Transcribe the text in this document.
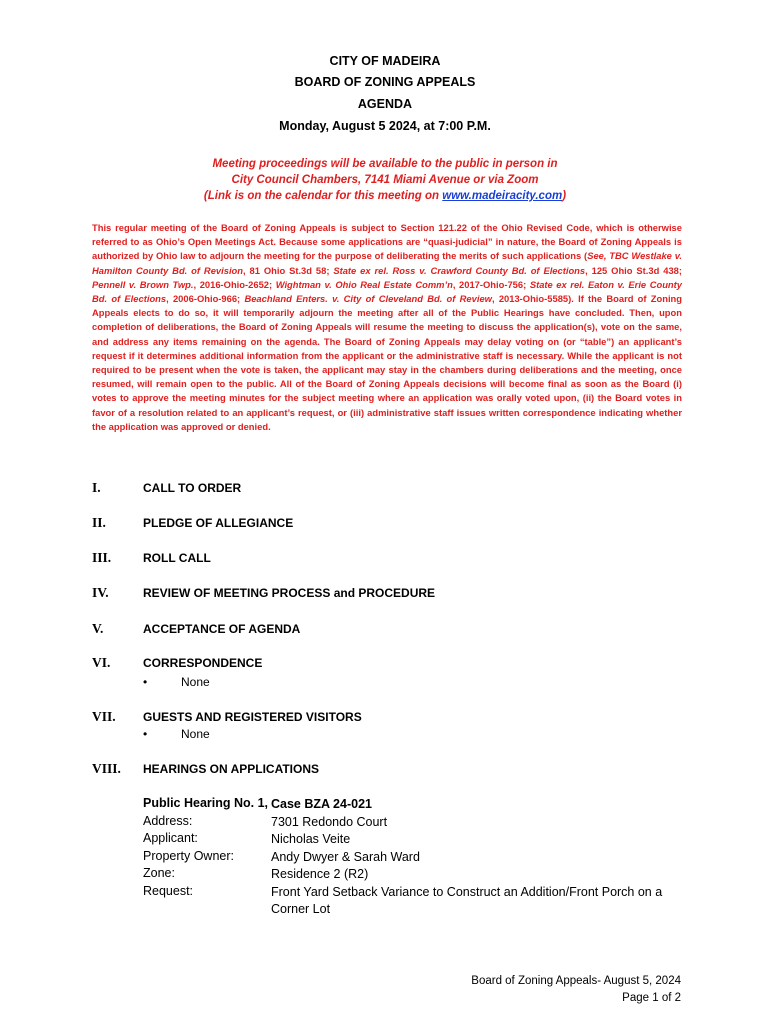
CITY OF MADEIRA
BOARD OF ZONING APPEALS
AGENDA
Monday, August 5 2024, at 7:00 P.M.
Meeting proceedings will be available to the public in person in
City Council Chambers, 7141 Miami Avenue or via Zoom
(Link is on the calendar for this meeting on www.madeiracity.com)
This regular meeting of the Board of Zoning Appeals is subject to Section 121.22 of the Ohio Revised Code, which is otherwise referred to as Ohio’s Open Meetings Act. Because some applications are “quasi-judicial” in nature, the Board of Zoning Appeals is authorized by Ohio law to adjourn the meeting for the purpose of deliberating the merits of such applications (See, TBC Westlake v. Hamilton County Bd. of Revision, 81 Ohio St.3d 58; State ex rel. Ross v. Crawford County Bd. of Elections, 125 Ohio St.3d 438; Pennell v. Brown Twp., 2016-Ohio-2652; Wightman v. Ohio Real Estate Comm’n, 2017-Ohio-756; State ex rel. Eaton v. Erie County Bd. of Elections, 2006-Ohio-966; Beachland Enters. v. City of Cleveland Bd. of Review, 2013-Ohio-5585). If the Board of Zoning Appeals elects to do so, it will temporarily adjourn the meeting after all of the Public Hearings have concluded. Then, upon completion of deliberations, the Board of Zoning Appeals will resume the meeting to discuss the application(s), vote on the same, and address any items remaining on the agenda. The Board of Zoning Appeals may delay voting on (or “table”) an applicant’s request if it determines additional information from the applicant or the administrative staff is necessary. While the applicant is not required to be present when the vote is taken, the applicant may stay in the chambers during deliberations and the meeting, once resumed, will remain open to the public. All of the Board of Zoning Appeals decisions will become final as soon as the Board (i) votes to approve the meeting minutes for the subject meeting where an application was orally voted upon, (ii) the Board votes in favor of a resolution related to an applicant’s request, or (iii) administrative staff issues written correspondence indicating whether the application was approved or denied.
I.	CALL TO ORDER
II.	PLEDGE OF ALLEGIANCE
III.	ROLL CALL
IV.	REVIEW OF MEETING PROCESS and PROCEDURE
V.	ACCEPTANCE OF AGENDA
VI.	CORRESPONDENCE
•	None
VII. GUESTS AND REGISTERED VISITORS
•	None
VIII. HEARINGS ON APPLICATIONS
Public Hearing No. 1, Case BZA 24-021
Address:	7301 Redondo Court
Applicant:	Nicholas Veite
Property Owner:	Andy Dwyer & Sarah Ward
Zone:	Residence 2 (R2)
Request:	Front Yard Setback Variance to Construct an Addition/Front Porch on a Corner Lot
Board of Zoning Appeals- August 5, 2024
Page 1 of 2
